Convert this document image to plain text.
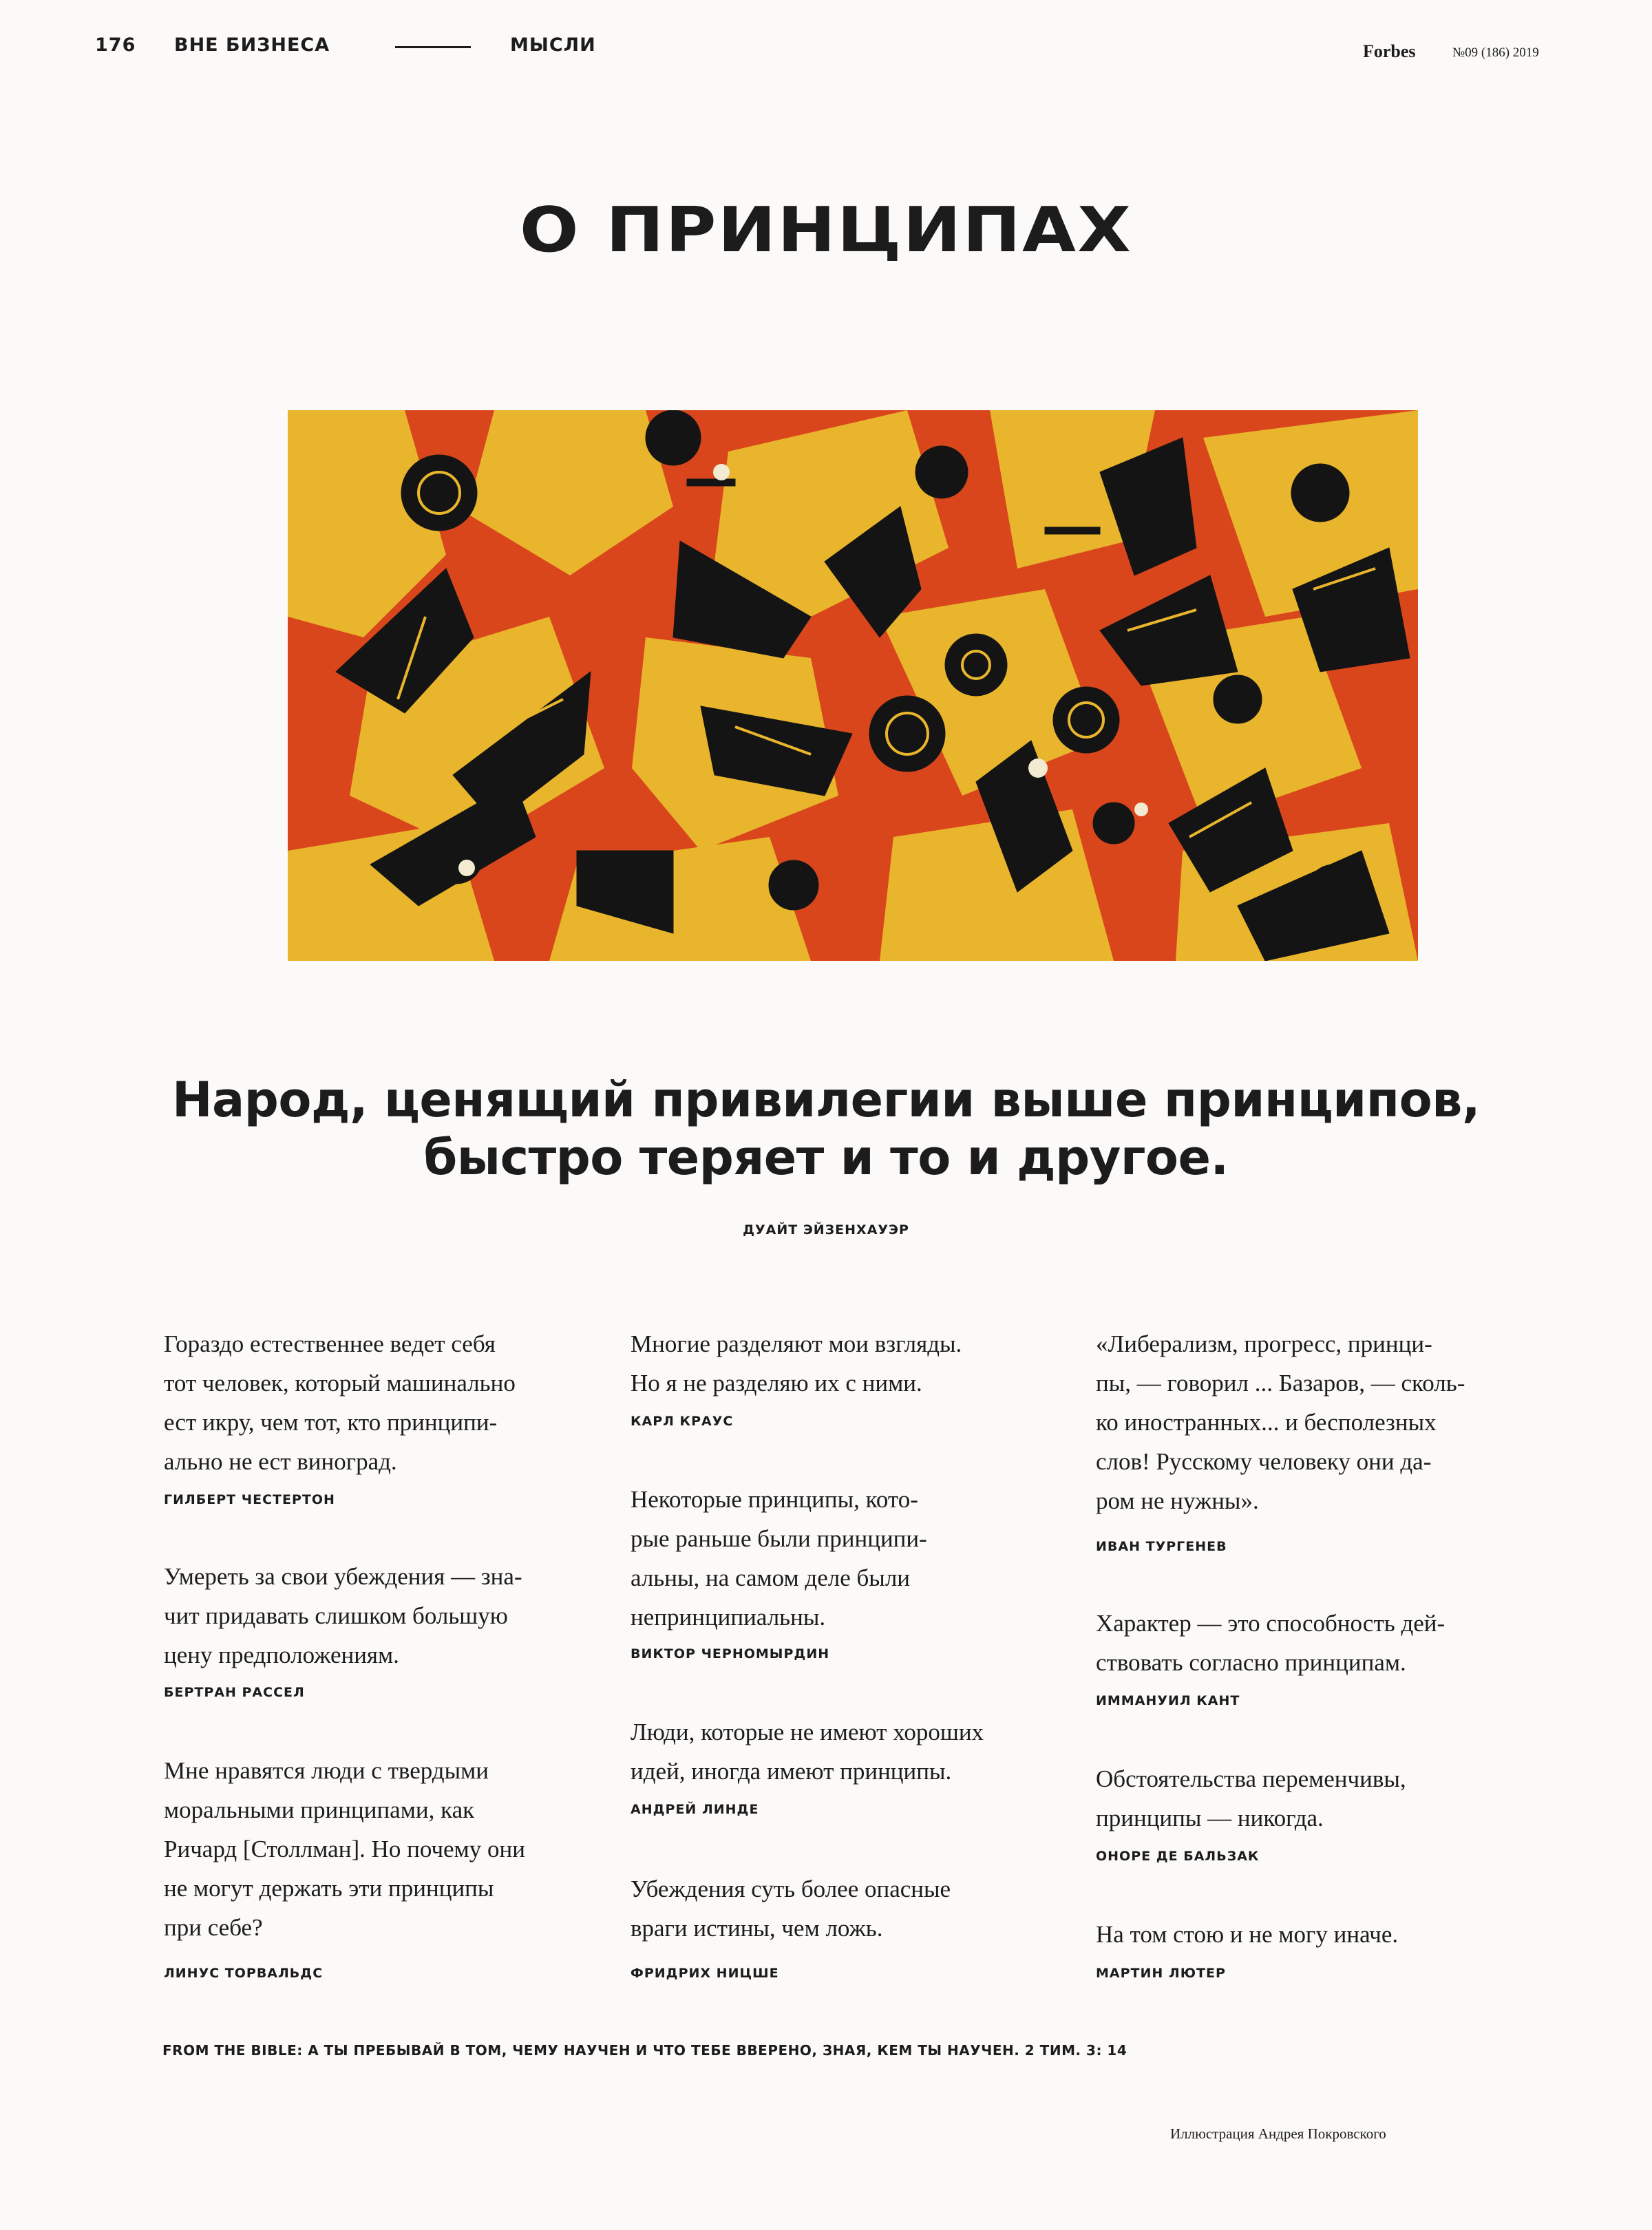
176 ВНЕ БИЗНЕСА	МЫСЛИ	Forbes	№09 (186) 2019
О ПРИНЦИПАХ
Народ, ценящий привилегии выше принципов,
быстро теряет и то и другое.
ДУАЙТ ЭЙЗЕНХАУЭР
Гораздо естественнее ведет себя
тот человек, который машинально
ест икру, чем тот, кто принципи-
ально не ест виноград.
ГИЛБЕРТ ЧЕСТЕРТОН
Умереть за свои убеждения — зна-
чит придавать слишком большую
цену предположениям.
БЕРТРАН РАССЕЛ
Мне нравятся люди с твердыми
моральными принципами, как
Ричард [Столлман]. Но почему они
не могут держать эти принципы
при себе?
ЛИНУС ТОРВАЛЬДС
Многие разделяют мои взгляды.
Но я не разделяю их с ними.
КАРЛ КРАУС
Некоторые принципы, кото-
рые раньше были принципи-
альны, на самом деле были
непринципиальны.
ВИКТОР ЧЕРНОМЫРДИН
Люди, которые не имеют хороших
идей, иногда имеют принципы.
АНДРЕЙ ЛИНДЕ
Убеждения суть более опасные
враги истины, чем ложь.
ФРИДРИХ НИЦШЕ
«Либерализм, прогресс, принци-
пы, — говорил ... Базаров, — сколь-
ко иностранных... и бесполезных
слов! Русскому человеку они да-
ром не нужны».
ИВАН ТУРГЕНЕВ
Характер — это способность дей-
ствовать согласно принципам.
ИММАНУИЛ КАНТ
Обстоятельства переменчивы,
принципы — никогда.
ОНОРЕ ДЕ БАЛЬЗАК
На том стою и не могу иначе.
МАРТИН ЛЮТЕР
FROM THE BIBLE: А ТЫ ПРЕБЫВАЙ В ТОМ, ЧЕМУ НАУЧЕН И ЧТО ТЕБЕ ВВЕРЕНО, ЗНАЯ, КЕМ ТЫ НАУЧЕН. 2 ТИМ. 3: 14
Иллюстрация Андрея Покровского
